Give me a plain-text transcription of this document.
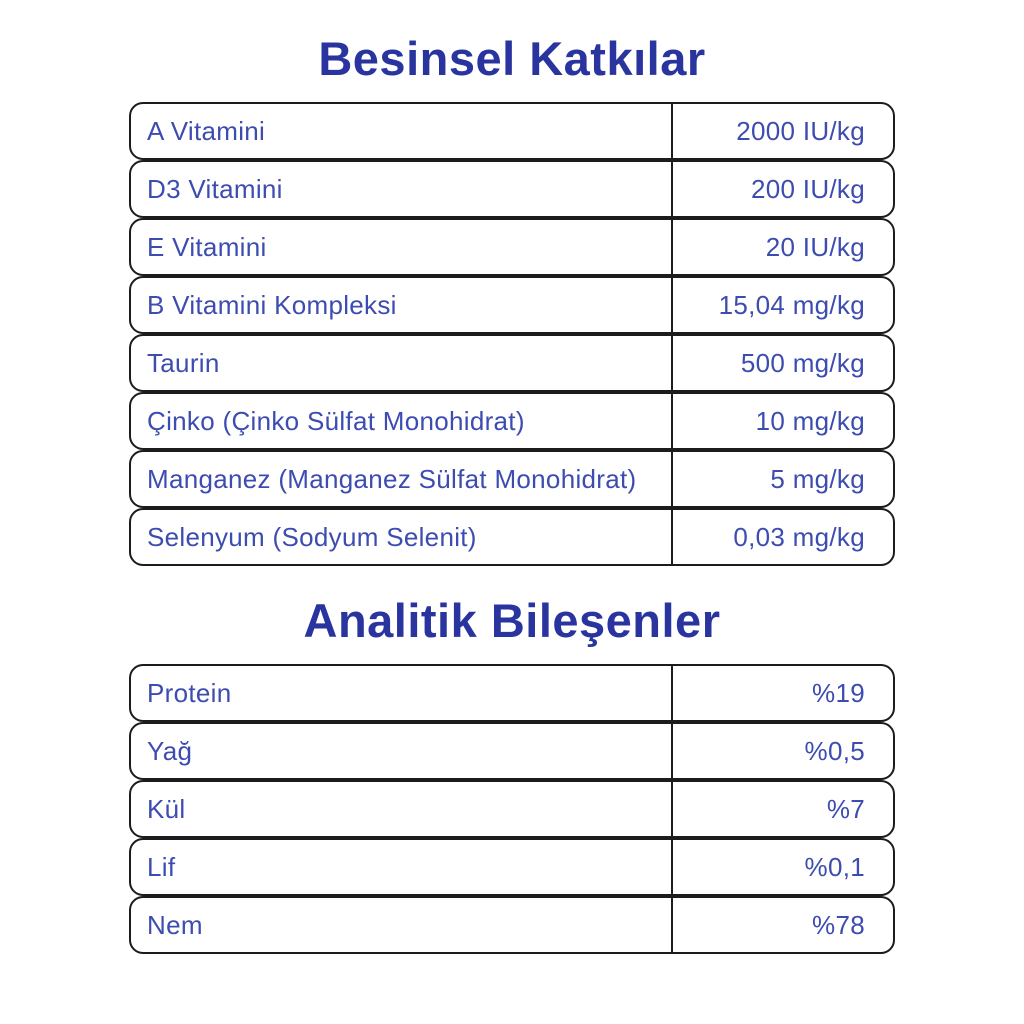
Besinsel Katkılar
A Vitamini	2000 IU/kg
D3 Vitamini	200 IU/kg
E Vitamini	20 IU/kg
B Vitamini Kompleksi	15,04 mg/kg
Taurin	500 mg/kg
Çinko (Çinko Sülfat Monohidrat)	10 mg/kg
Manganez (Manganez Sülfat Monohidrat)	5 mg/kg
Selenyum (Sodyum Selenit)	0,03 mg/kg
Analitik Bileşenler
Protein	%19
Yağ	%0,5
Kül	%7
Lif	%0,1
Nem	%78
